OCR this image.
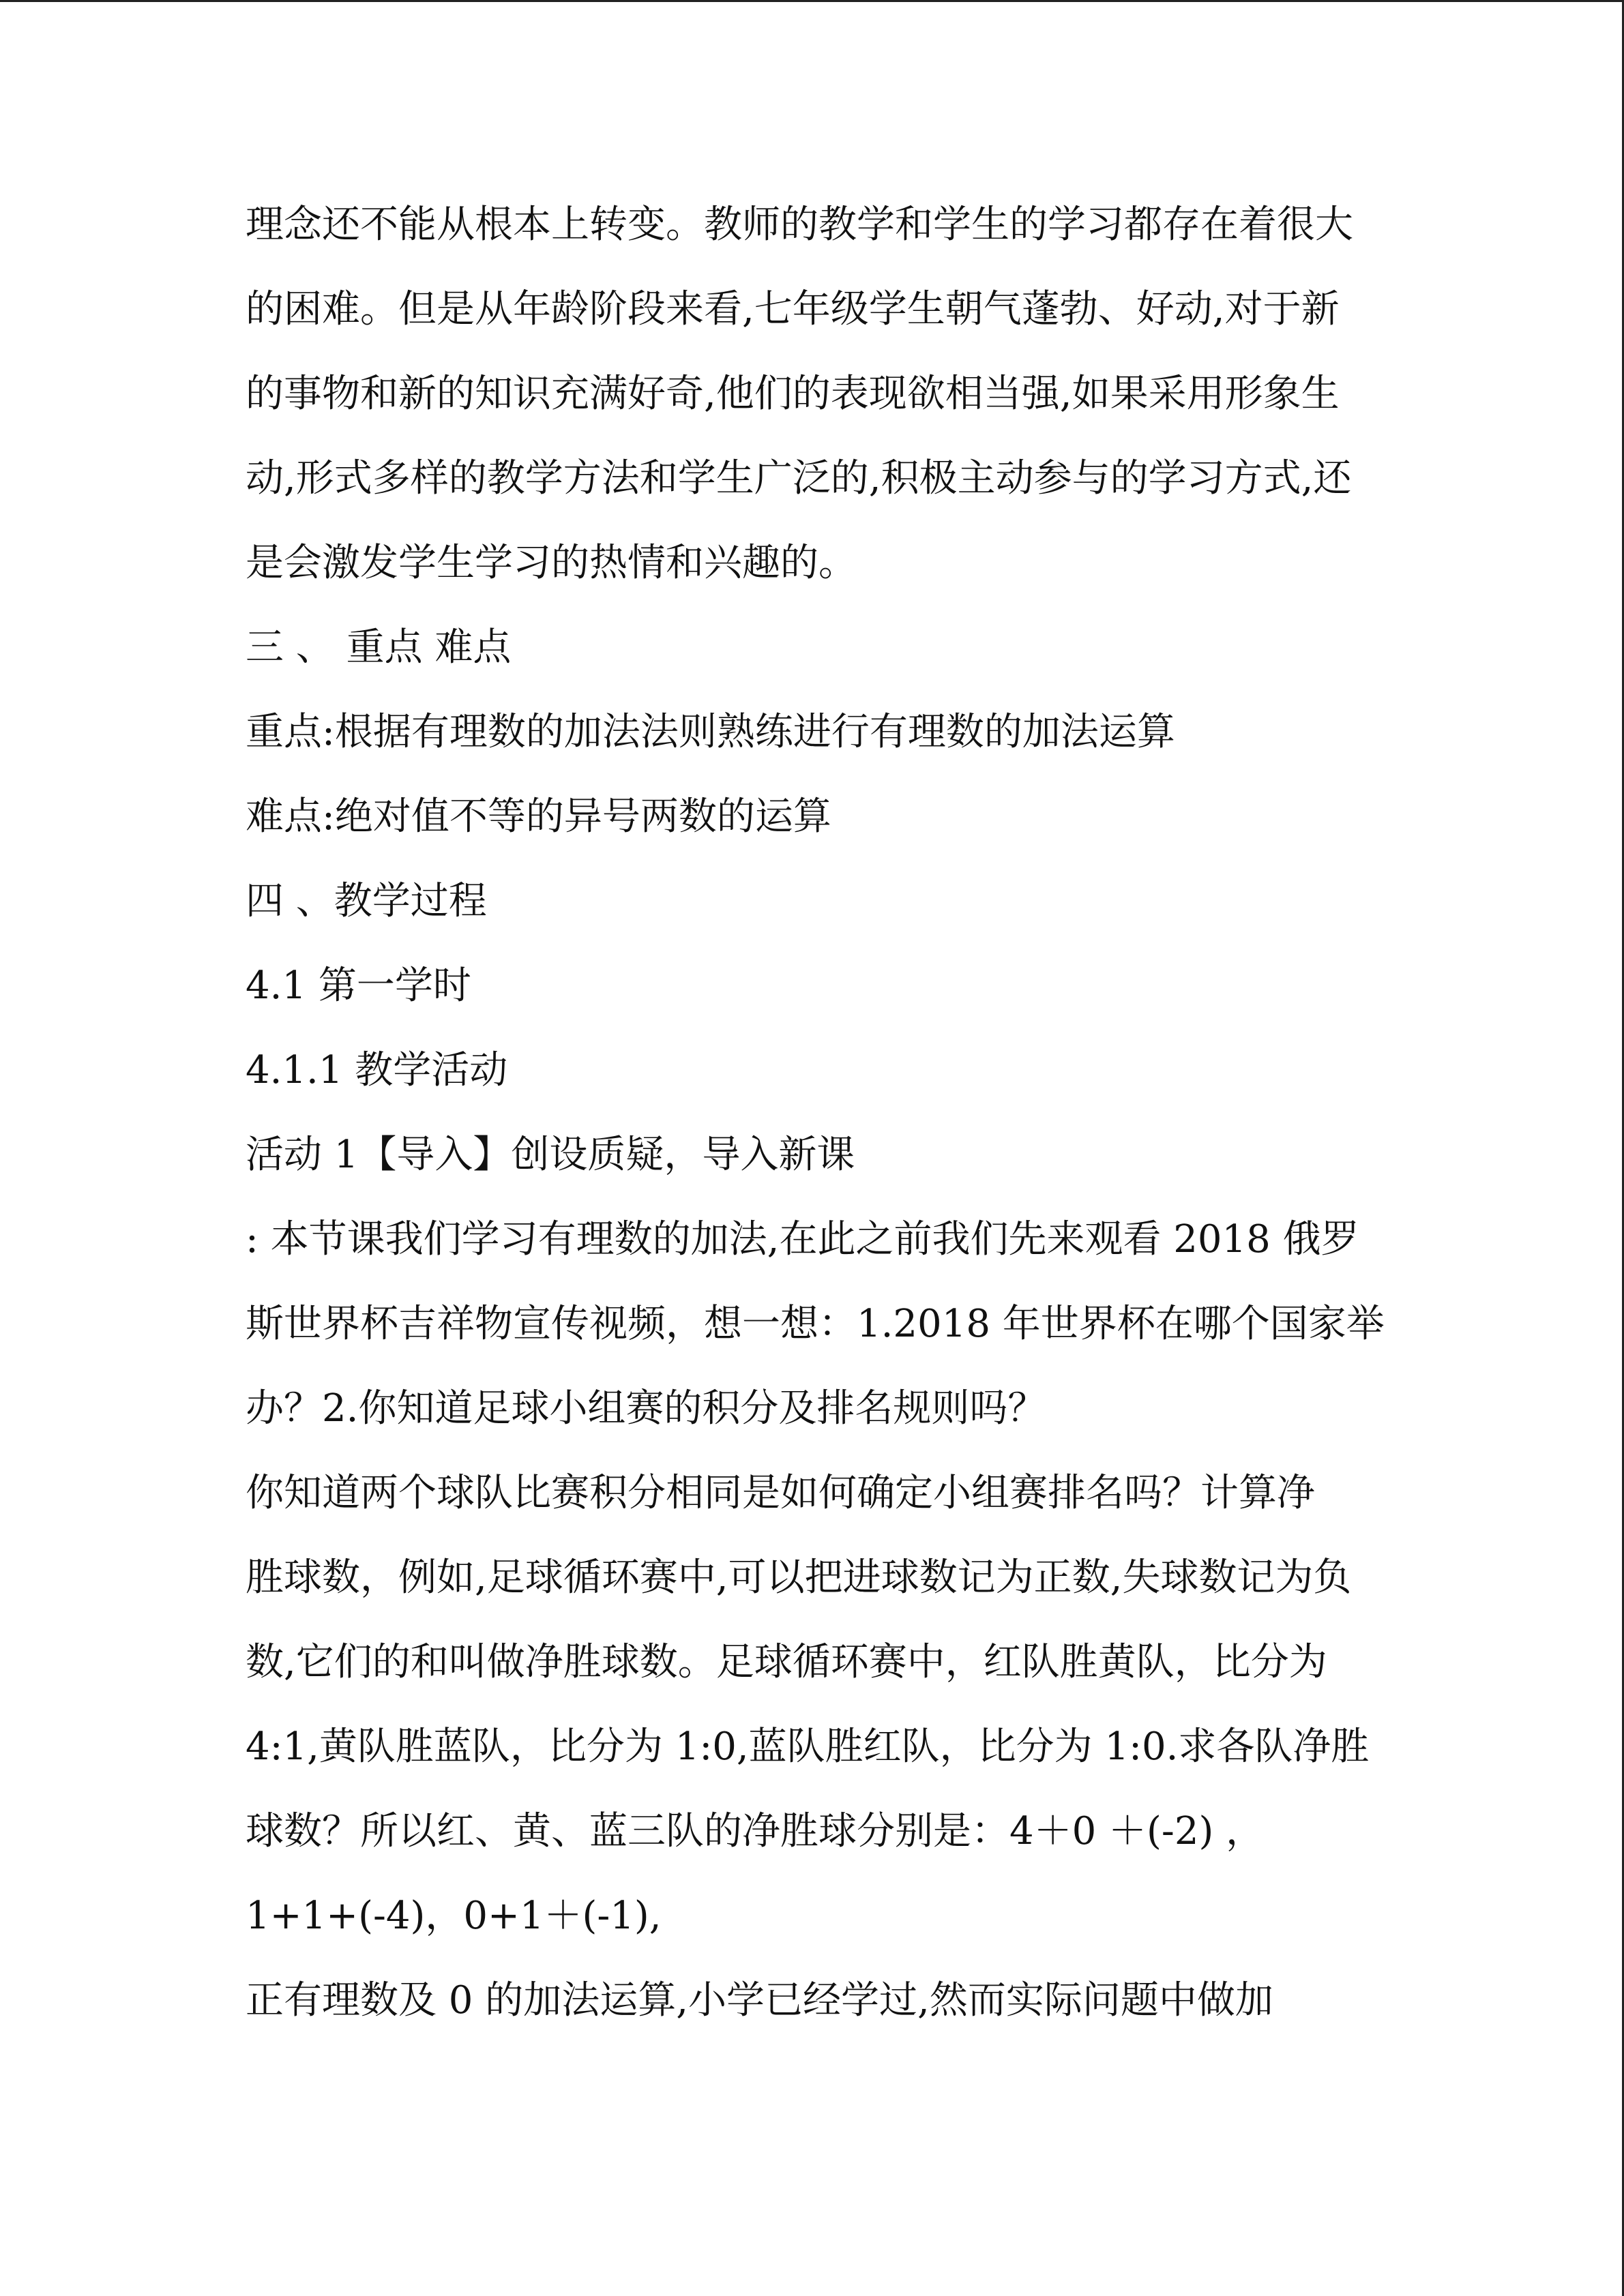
理念还不能从根本上转变。教师的教学和学生的学习都存在着很大
的困难。但是从年龄阶段来看,七年级学生朝气蓬勃、好动,对于新
的事物和新的知识充满好奇,他们的表现欲相当强,如果采用形象生
动,形式多样的教学方法和学生广泛的,积极主动参与的学习方式,还
是会激发学生学习的热情和兴趣的。
三 、 重点 难点
重点:根据有理数的加法法则熟练进行有理数的加法运算
难点:绝对值不等的异号两数的运算
四 、教学过程
4.1 第一学时
4.1.1 教学活动
活动 1【导入】创设质疑，导入新课
: 本节课我们学习有理数的加法,在此之前我们先来观看 2018 俄罗
斯世界杯吉祥物宣传视频，想一想：1.2018 年世界杯在哪个国家举
办？2.你知道足球小组赛的积分及排名规则吗？
你知道两个球队比赛积分相同是如何确定小组赛排名吗？计算净
胜球数，例如,足球循环赛中,可以把进球数记为正数,失球数记为负
数,它们的和叫做净胜球数。足球循环赛中，红队胜黄队，比分为
4:1,黄队胜蓝队，比分为 1:0,蓝队胜红队，比分为 1:0.求各队净胜
球数？所以红、黄、蓝三队的净胜球分别是：4＋0 ＋(-2) ，
1+1+(-4)，0+1＋(-1),
正有理数及 0 的加法运算,小学已经学过,然而实际问题中做加
